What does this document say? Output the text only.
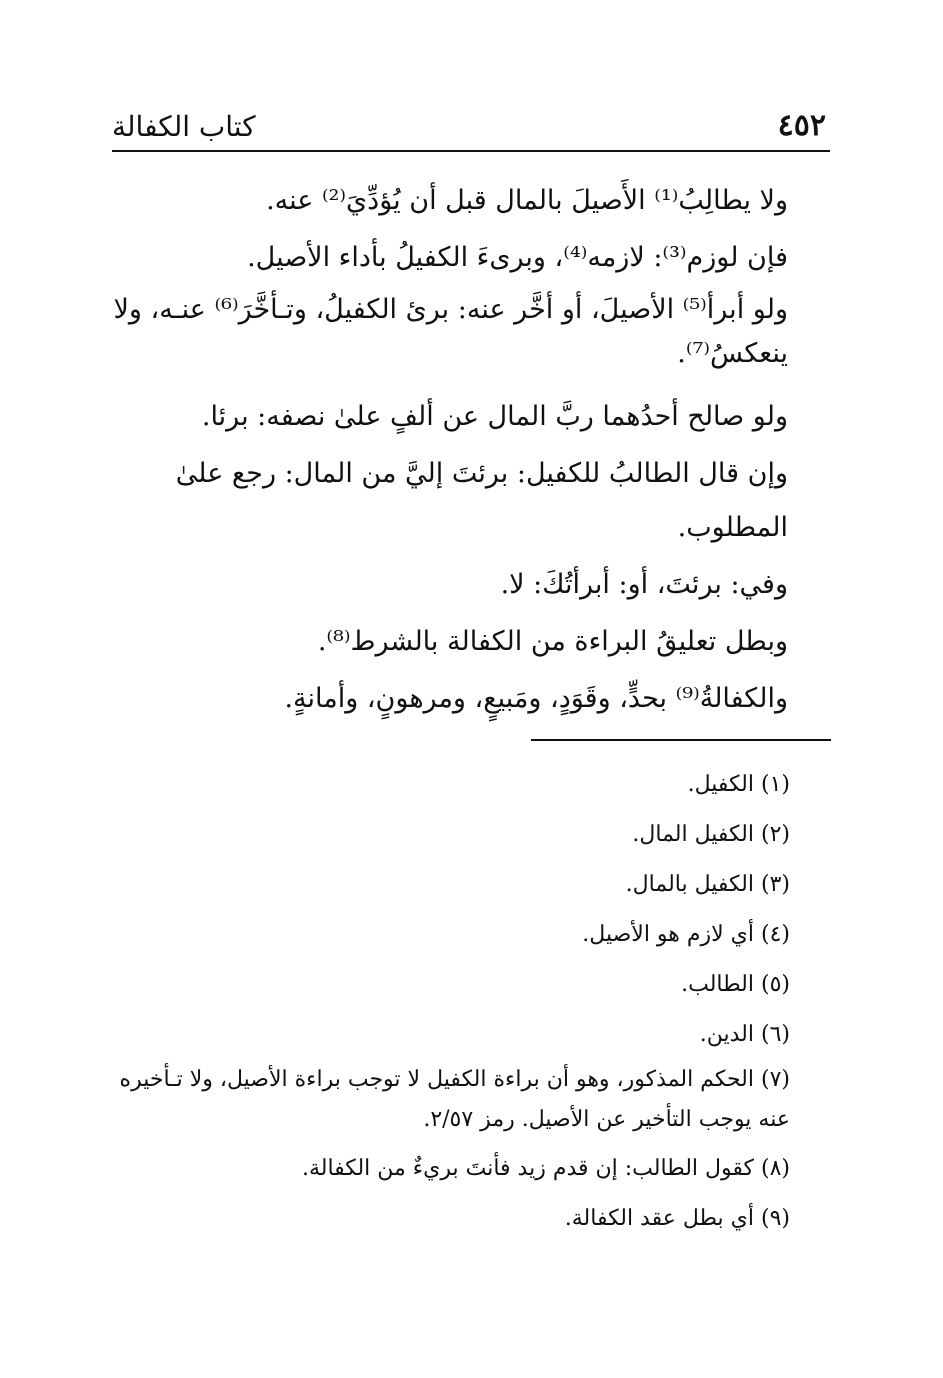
كتاب الكفالة	٤٥٢

ولا يطالِبُ⁽¹⁾ الأَصيلَ بالمال قبل أن يُؤدِّيَ⁽²⁾ عنه.

فإن لوزم⁽³⁾: لازمه⁽⁴⁾، وبرىءَ الكفيلُ بأداء الأصيل.

ولو أبرأ⁽⁵⁾ الأصيلَ، أو أخَّر عنه: برئ الكفيلُ، وتـأخَّرَ⁽⁶⁾ عنـه، ولا ينعكسُ⁽⁷⁾.

ولو صالح أحدُهما ربَّ المال عن ألفٍ علىٰ نصفه: برئا.

وإن قال الطالبُ للكفيل: برئتَ إليَّ من المال: رجع علىٰ المطلوب.

وفي: برئتَ، أو: أبرأتُكَ: لا.

وبطل تعليقُ البراءة من الكفالة بالشرط⁽⁸⁾.

والكفالةُ⁽⁹⁾ بحدٍّ، وقَوَدٍ، ومَبيعٍ، ومرهونٍ، وأمانةٍ.

(١) الكفيل.

(٢) الكفيل المال.

(٣) الكفيل بالمال.

(٤) أي لازم هو الأصيل.

(٥) الطالب.

(٦) الدين.

(٧) الحكم المذكور، وهو أن براءة الكفيل لا توجب براءة الأصيل، ولا تـأخيره عنه يوجب التأخير عن الأصيل. رمز ٢/٥٧.

(٨) كقول الطالب: إن قدم زيد فأنتَ بريءٌ من الكفالة.

(٩) أي بطل عقد الكفالة.
